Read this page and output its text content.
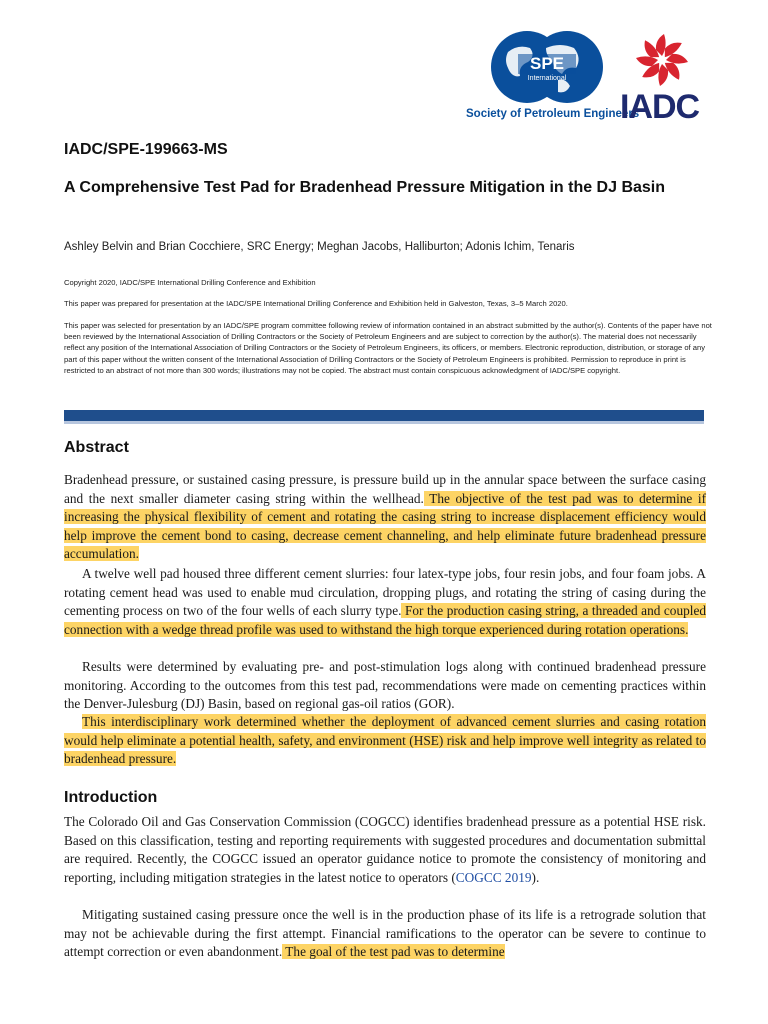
SPE
International
Society of Petroleum Engineers
IADC
IADC/SPE-199663-MS
A Comprehensive Test Pad for Bradenhead Pressure Mitigation in the DJ Basin
Ashley Belvin and Brian Cocchiere, SRC Energy; Meghan Jacobs, Halliburton; Adonis Ichim, Tenaris

Copyright 2020, IADC/SPE International Drilling Conference and Exhibition

This paper was prepared for presentation at the IADC/SPE International Drilling Conference and Exhibition held in Galveston, Texas, 3–5 March 2020.

This paper was selected for presentation by an IADC/SPE program committee following review of information contained in an abstract submitted by the author(s). Contents of the paper have not been reviewed by the International Association of Drilling Contractors or the Society of Petroleum Engineers and are subject to correction by the author(s). The material does not necessarily reflect any position of the International Association of Drilling Contractors or the Society of Petroleum Engineers, its officers, or members. Electronic reproduction, distribution, or storage of any part of this paper without the written consent of the International Association of Drilling Contractors or the Society of Petroleum Engineers is prohibited. Permission to reproduce in print is restricted to an abstract of not more than 300 words; illustrations may not be copied. The abstract must contain conspicuous acknowledgment of IADC/SPE copyright.

Abstract

Bradenhead pressure, or sustained casing pressure, is pressure build up in the annular space between the surface casing and the next smaller diameter casing string within the wellhead. The objective of the test pad was to determine if increasing the physical flexibility of cement and rotating the casing string to increase displacement efficiency would help improve the cement bond to casing, decrease cement channeling, and help eliminate future bradenhead pressure accumulation.

A twelve well pad housed three different cement slurries: four latex-type jobs, four resin jobs, and four foam jobs. A rotating cement head was used to enable mud circulation, dropping plugs, and rotating the string of casing during the cementing process on two of the four wells of each slurry type. For the production casing string, a threaded and coupled connection with a wedge thread profile was used to withstand the high torque experienced during rotation operations.

Results were determined by evaluating pre- and post-stimulation logs along with continued bradenhead pressure monitoring. According to the outcomes from this test pad, recommendations were made on cementing practices within the Denver-Julesburg (DJ) Basin, based on regional gas-oil ratios (GOR).

This interdisciplinary work determined whether the deployment of advanced cement slurries and casing rotation would help eliminate a potential health, safety, and environment (HSE) risk and help improve well integrity as related to bradenhead pressure.

Introduction

The Colorado Oil and Gas Conservation Commission (COGCC) identifies bradenhead pressure as a potential HSE risk. Based on this classification, testing and reporting requirements with suggested procedures and documentation submittal are required. Recently, the COGCC issued an operator guidance notice to promote the consistency of monitoring and reporting, including mitigation strategies in the latest notice to operators (COGCC 2019).

Mitigating sustained casing pressure once the well is in the production phase of its life is a retrograde solution that may not be achievable during the first attempt. Financial ramifications to the operator can be severe to continue to attempt correction or even abandonment. The goal of the test pad was to determine
